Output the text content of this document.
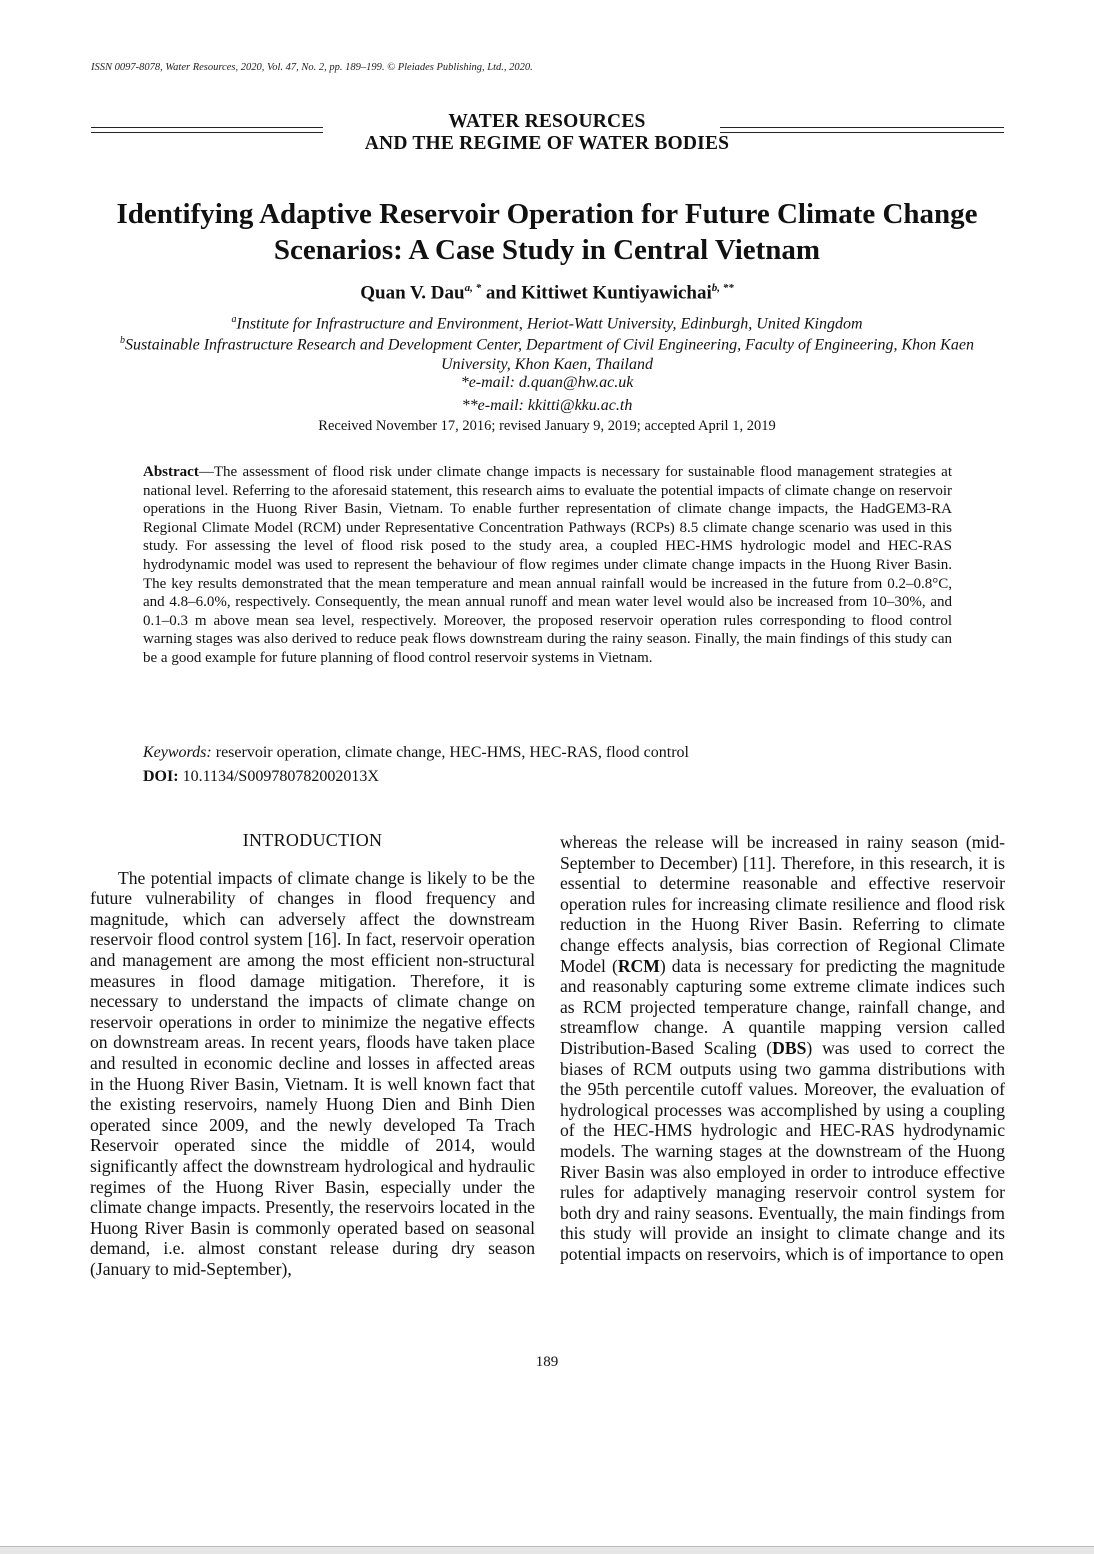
ISSN 0097-8078, Water Resources, 2020, Vol. 47, No. 2, pp. 189–199. © Pleiades Publishing, Ltd., 2020.
WATER RESOURCES
AND THE REGIME OF WATER BODIES
Identifying Adaptive Reservoir Operation for Future Climate Change Scenarios: A Case Study in Central Vietnam
Quan V. Dau$^{a, *}$ and Kittiwet Kuntiyawichai$^{b, **}$
$^a$Institute for Infrastructure and Environment, Heriot-Watt University, Edinburgh, United Kingdom
$^b$Sustainable Infrastructure Research and Development Center, Department of Civil Engineering, Faculty of Engineering, Khon Kaen University, Khon Kaen, Thailand
*e-mail: d.quan@hw.ac.uk
**e-mail: kkitti@kku.ac.th
Received November 17, 2016; revised January 9, 2019; accepted April 1, 2019
Abstract—The assessment of flood risk under climate change impacts is necessary for sustainable flood management strategies at national level. Referring to the aforesaid statement, this research aims to evaluate the potential impacts of climate change on reservoir operations in the Huong River Basin, Vietnam. To enable further representation of climate change impacts, the HadGEM3-RA Regional Climate Model (RCM) under Representative Concentration Pathways (RCPs) 8.5 climate change scenario was used in this study. For assessing the level of flood risk posed to the study area, a coupled HEC-HMS hydrologic model and HEC-RAS hydrodynamic model was used to represent the behaviour of flow regimes under climate change impacts in the Huong River Basin. The key results demonstrated that the mean temperature and mean annual rainfall would be increased in the future from 0.2–0.8°C, and 4.8–6.0%, respectively. Consequently, the mean annual runoff and mean water level would also be increased from 10–30%, and 0.1–0.3 m above mean sea level, respectively. Moreover, the proposed reservoir operation rules corresponding to flood control warning stages was also derived to reduce peak flows downstream during the rainy season. Finally, the main findings of this study can be a good example for future planning of flood control reservoir systems in Vietnam.
Keywords: reservoir operation, climate change, HEC-HMS, HEC-RAS, flood control
DOI: 10.1134/S009780782002013X
INTRODUCTION

The potential impacts of climate change is likely to be the future vulnerability of changes in flood frequency and magnitude, which can adversely affect the downstream reservoir flood control system [16]. In fact, reservoir operation and management are among the most efficient non-structural measures in flood damage mitigation. Therefore, it is necessary to understand the impacts of climate change on reservoir operations in order to minimize the negative effects on downstream areas. In recent years, floods have taken place and resulted in economic decline and losses in affected areas in the Huong River Basin, Vietnam. It is well known fact that the existing reservoirs, namely Huong Dien and Binh Dien operated since 2009, and the newly developed Ta Trach Reservoir operated since the middle of 2014, would significantly affect the downstream hydrological and hydraulic regimes of the Huong River Basin, especially under the climate change impacts. Presently, the reservoirs located in the Huong River Basin is commonly operated based on seasonal demand, i.e. almost constant release during dry season (January to mid-September),

whereas the release will be increased in rainy season (mid-September to December) [11]. Therefore, in this research, it is essential to determine reasonable and effective reservoir operation rules for increasing climate resilience and flood risk reduction in the Huong River Basin. Referring to climate change effects analysis, bias correction of Regional Climate Model (RCM) data is necessary for predicting the magnitude and reasonably capturing some extreme climate indices such as RCM projected temperature change, rainfall change, and streamflow change. A quantile mapping version called Distribution-Based Scaling (DBS) was used to correct the biases of RCM outputs using two gamma distributions with the 95th percentile cutoff values. Moreover, the evaluation of hydrological processes was accomplished by using a coupling of the HEC-HMS hydrologic and HEC-RAS hydrodynamic models. The warning stages at the downstream of the Huong River Basin was also employed in order to introduce effective rules for adaptively managing reservoir control system for both dry and rainy seasons. Eventually, the main findings from this study will provide an insight to climate change and its potential impacts on reservoirs, which is of importance to open

189
